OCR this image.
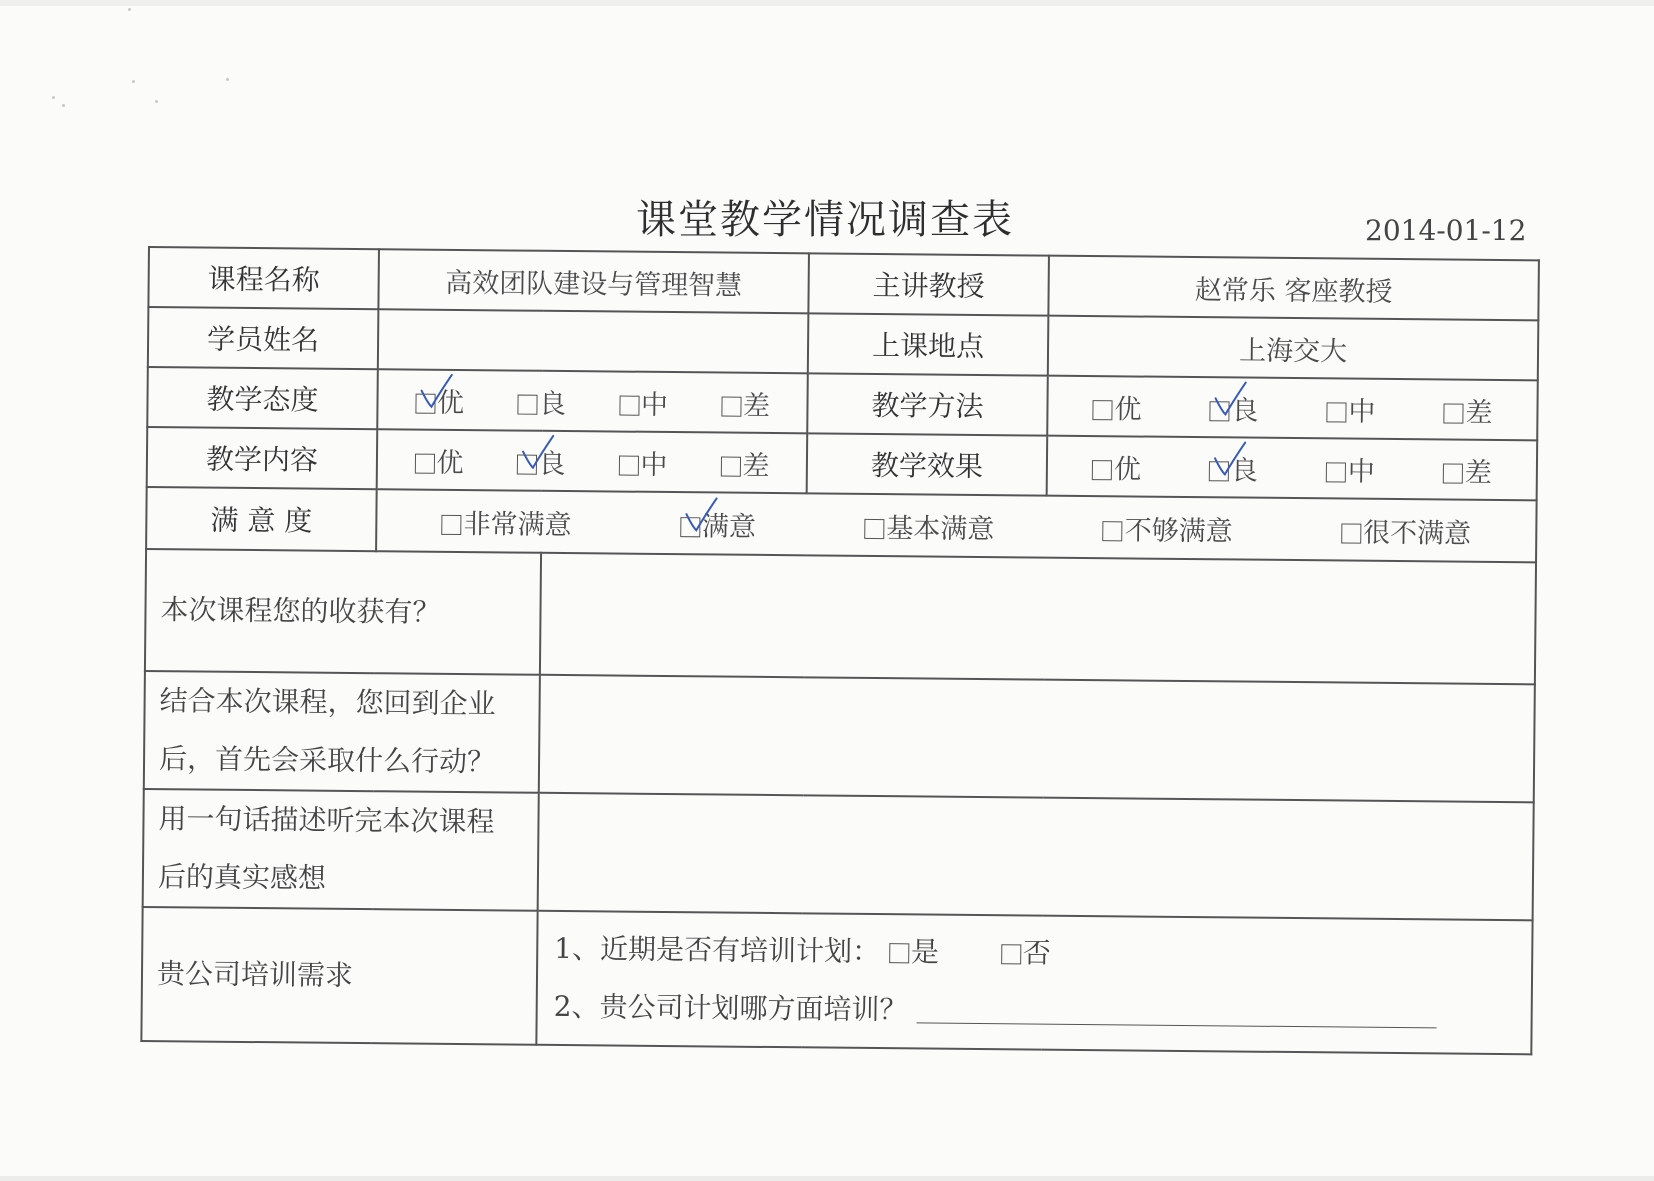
课堂教学情况调查表	2014-01-12
课程名称	高效团队建设与管理智慧		主讲教授	赵常乐 客座教授
学员姓名			上课地点	上海交大
教学态度	优 良 中 差		教学方法	优 良 中 差

教学内容	优 良 中 差		教学效果	优 良 中 差

满 意 度	非常满意 满意 基本满意 不够满意 很不满意			

本次课程您的收获有？				

结合本次课程，您回到企业
后，首先会采取什么行动？				

用一句话描述听完本次课程
后的真实感想				

贵公司培训需求		1、近期是否有培训计划： 是 否
2、贵公司计划哪方面培训？		
